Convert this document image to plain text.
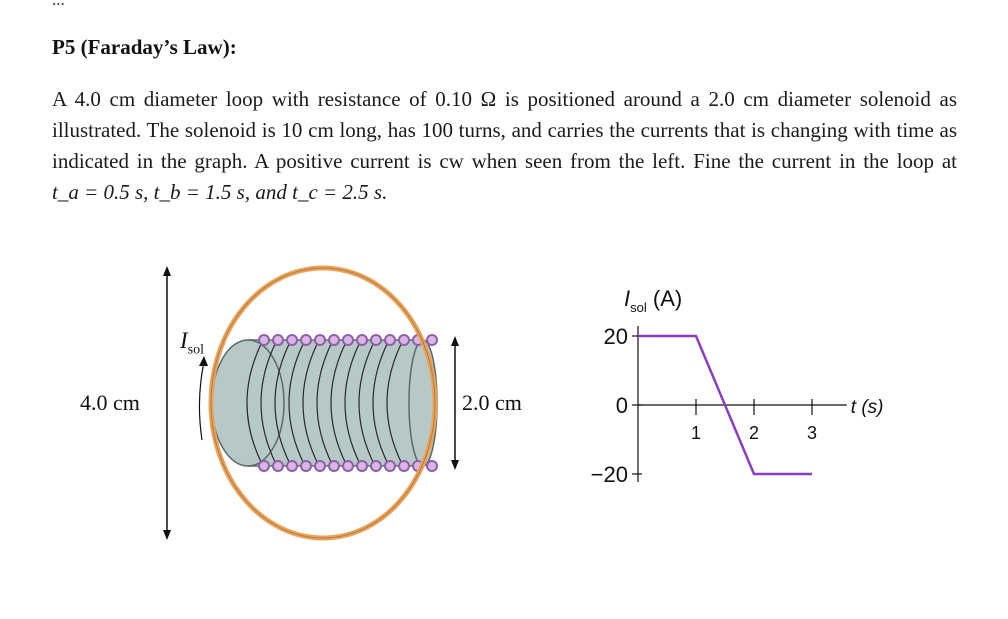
P5 (Faraday’s Law):

A 4.0 cm diameter loop with resistance of 0.10 Ω is positioned around a 2.0 cm diameter solenoid as illustrated. The solenoid is 10 cm long, has 100 turns, and carries the currents that is changing with time as indicated in the graph. A positive current is cw when seen from the left. Fine the current in the loop at t_a = 0.5 s, t_b = 1.5 s, and t_c = 2.5 s.

4.0 cm	2.0 cm
$I_{sol}$
20
0
−20
1	2	3
$I_{sol}$ (A)
t (s)
